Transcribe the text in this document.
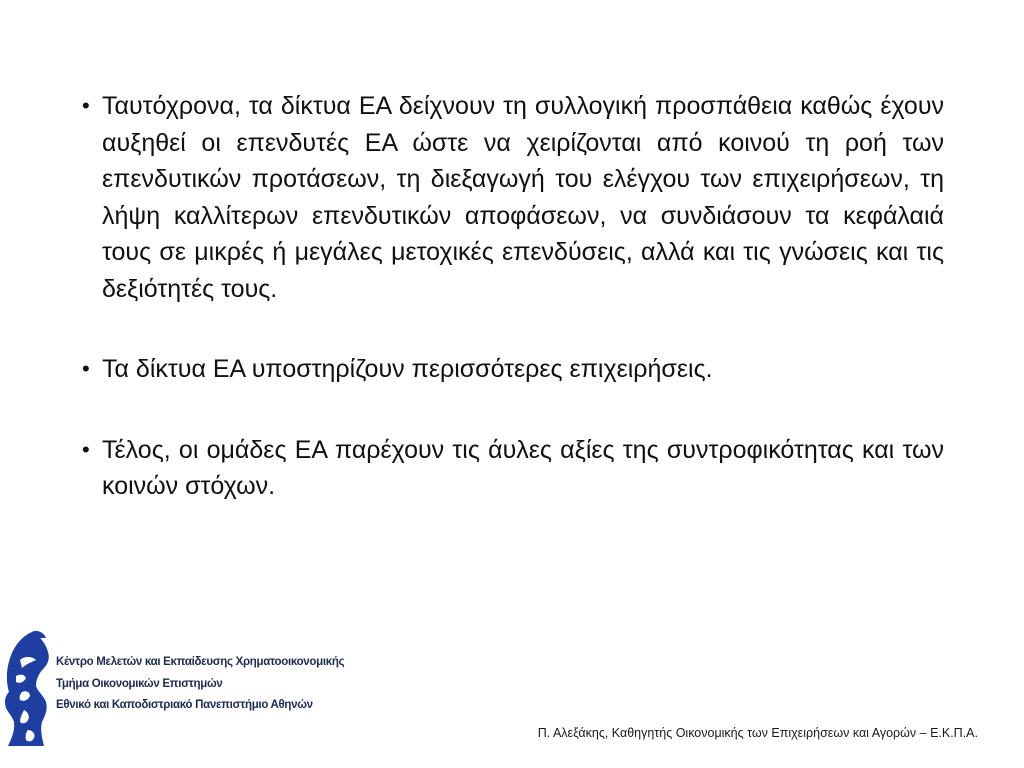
• Ταυτόχρονα, τα δίκτυα ΕΑ δείχνουν τη συλλογική προσπάθεια καθώς έχουν αυξηθεί οι επενδυτές ΕΑ ώστε να χειρίζονται από κοινού τη ροή των επενδυτικών προτάσεων, τη διεξαγωγή του ελέγχου των επιχειρήσεων, τη λήψη καλλίτερων επενδυτικών αποφάσεων, να συνδιάσουν τα κεφάλαιά τους σε μικρές ή μεγάλες μετοχικές επενδύσεις, αλλά και τις γνώσεις και τις δεξιότητές τους.
• Τα δίκτυα ΕΑ υποστηρίζουν περισσότερες επιχειρήσεις.
• Τέλος, οι ομάδες ΕΑ παρέχουν τις άυλες αξίες της συντροφικότητας και των κοινών στόχων.
Κέντρο Μελετών και Εκπαίδευσης Χρηματοοικονομικής
Τμήμα Οικονομικών Επιστημών
Εθνικό και Καποδιστριακό Πανεπιστήμιο Αθηνών
Π. Αλεξάκης, Καθηγητής Οικονομικής των Επιχειρήσεων και Αγορών – Ε.Κ.Π.Α.
